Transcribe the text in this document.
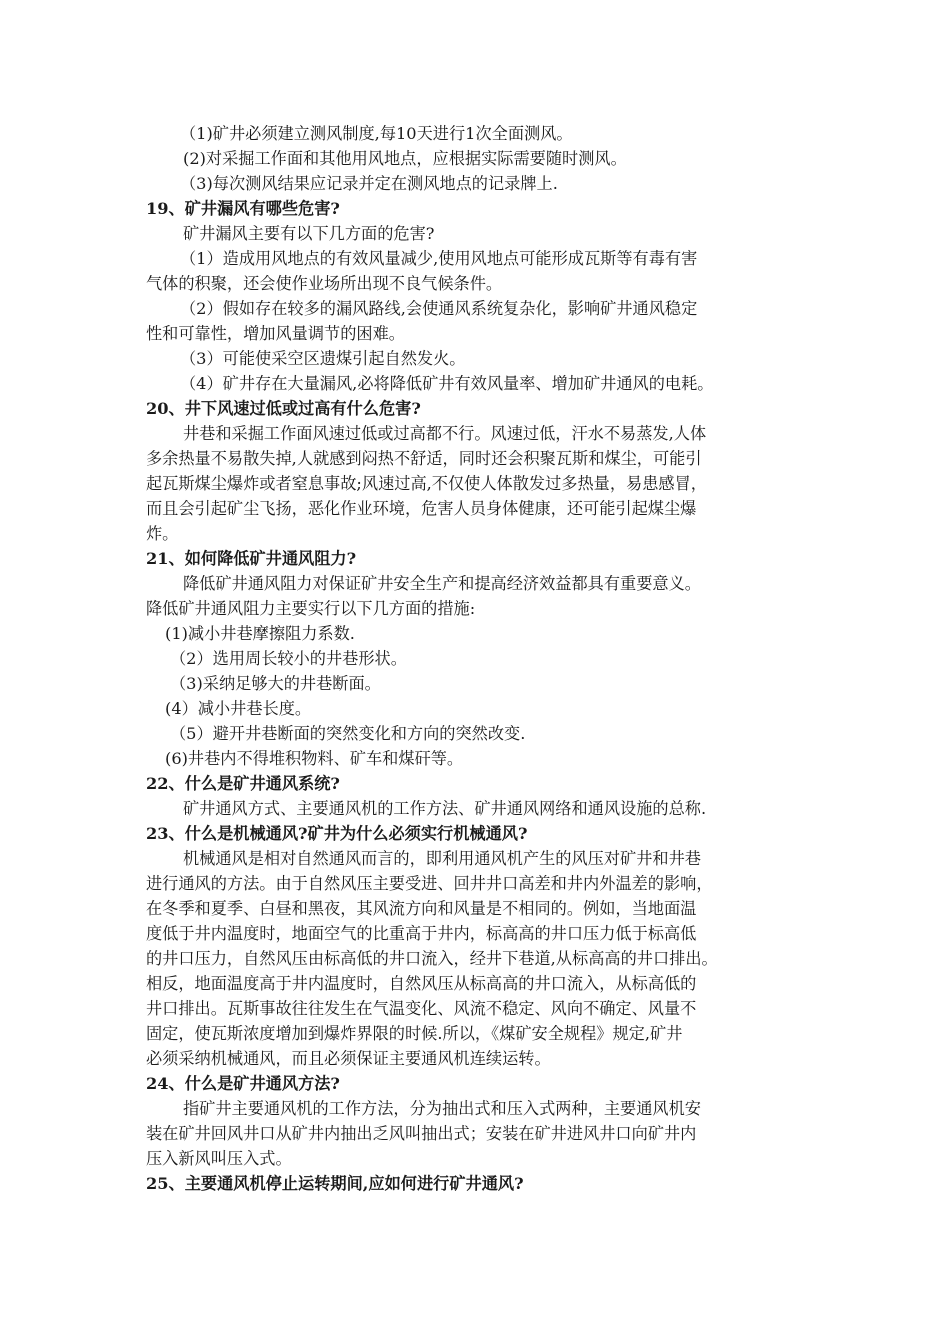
（1)矿井必须建立测风制度,每10天进行1次全面测风。
(2)对采掘工作面和其他用风地点，应根据实际需要随时测风。
（3)每次测风结果应记录并定在测风地点的记录牌上.
19、矿井漏风有哪些危害?
矿井漏风主要有以下几方面的危害?
（1）造成用风地点的有效风量减少,使用风地点可能形成瓦斯等有毒有害
气体的积聚，还会使作业场所出现不良气候条件。
（2）假如存在较多的漏风路线,会使通风系统复杂化，影响矿井通风稳定
性和可靠性，增加风量调节的困难。
（3）可能使采空区遗煤引起自然发火。
（4）矿井存在大量漏风,必将降低矿井有效风量率、增加矿井通风的电耗。
20、井下风速过低或过高有什么危害?
井巷和采掘工作面风速过低或过高都不行。风速过低，汗水不易蒸发,人体
多余热量不易散失掉,人就感到闷热不舒适，同时还会积聚瓦斯和煤尘，可能引
起瓦斯煤尘爆炸或者窒息事故;风速过高,不仅使人体散发过多热量，易患感冒，
而且会引起矿尘飞扬，恶化作业环境，危害人员身体健康，还可能引起煤尘爆
炸。
21、如何降低矿井通风阻力?
降低矿井通风阻力对保证矿井安全生产和提高经济效益都具有重要意义。
降低矿井通风阻力主要实行以下几方面的措施:
(1)减小井巷摩擦阻力系数.
（2）选用周长较小的井巷形状。
（3)采纳足够大的井巷断面。
(4）减小井巷长度。
（5）避开井巷断面的突然变化和方向的突然改变.
(6)井巷内不得堆积物料、矿车和煤矸等。
22、什么是矿井通风系统?
矿井通风方式、主要通风机的工作方法、矿井通风网络和通风设施的总称.
23、什么是机械通风?矿井为什么必须实行机械通风?
机械通风是相对自然通风而言的，即利用通风机产生的风压对矿井和井巷
进行通风的方法。由于自然风压主要受进、回井井口高差和井内外温差的影响，
在冬季和夏季、白昼和黑夜，其风流方向和风量是不相同的。例如，当地面温
度低于井内温度时，地面空气的比重高于井内，标高高的井口压力低于标高低
的井口压力，自然风压由标高低的井口流入，经井下巷道,从标高高的井口排出。
相反，地面温度高于井内温度时，自然风压从标高高的井口流入，从标高低的
井口排出。瓦斯事故往往发生在气温变化、风流不稳定、风向不确定、风量不
固定，使瓦斯浓度增加到爆炸界限的时候.所以，《煤矿安全规程》规定,矿井
必须采纳机械通风，而且必须保证主要通风机连续运转。
24、什么是矿井通风方法?
指矿井主要通风机的工作方法，分为抽出式和压入式两种，主要通风机安
装在矿井回风井口从矿井内抽出乏风叫抽出式；安装在矿井进风井口向矿井内
压入新风叫压入式。
25、主要通风机停止运转期间,应如何进行矿井通风?
